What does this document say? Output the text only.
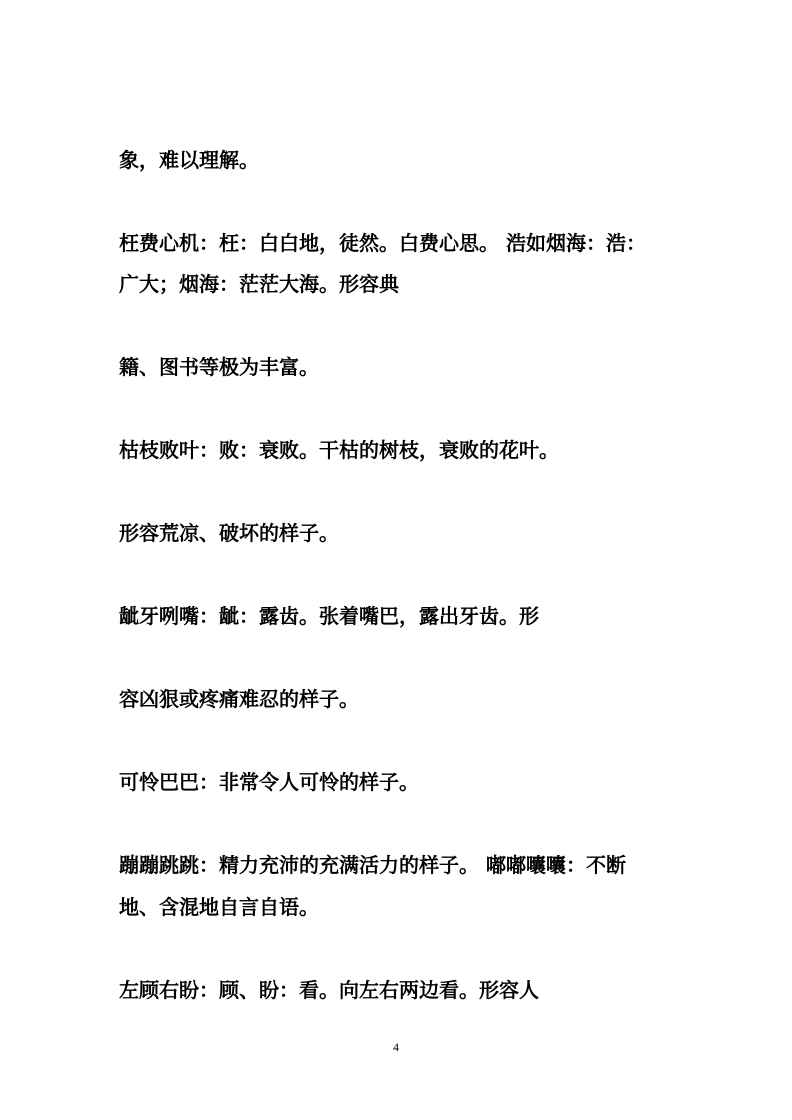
象，难以理解。
枉费心机：枉：白白地，徒然。白费心思。 浩如烟海：浩：
广大；烟海：茫茫大海。形容典
籍、图书等极为丰富。
枯枝败叶：败：衰败。干枯的树枝，衰败的花叶。
形容荒凉、破坏的样子。
龇牙咧嘴：龇：露齿。张着嘴巴，露出牙齿。形
容凶狠或疼痛难忍的样子。
可怜巴巴：非常令人可怜的样子。
蹦蹦跳跳：精力充沛的充满活力的样子。 嘟嘟囔囔：不断
地、含混地自言自语。
左顾右盼：顾、盼：看。向左右两边看。形容人
4
